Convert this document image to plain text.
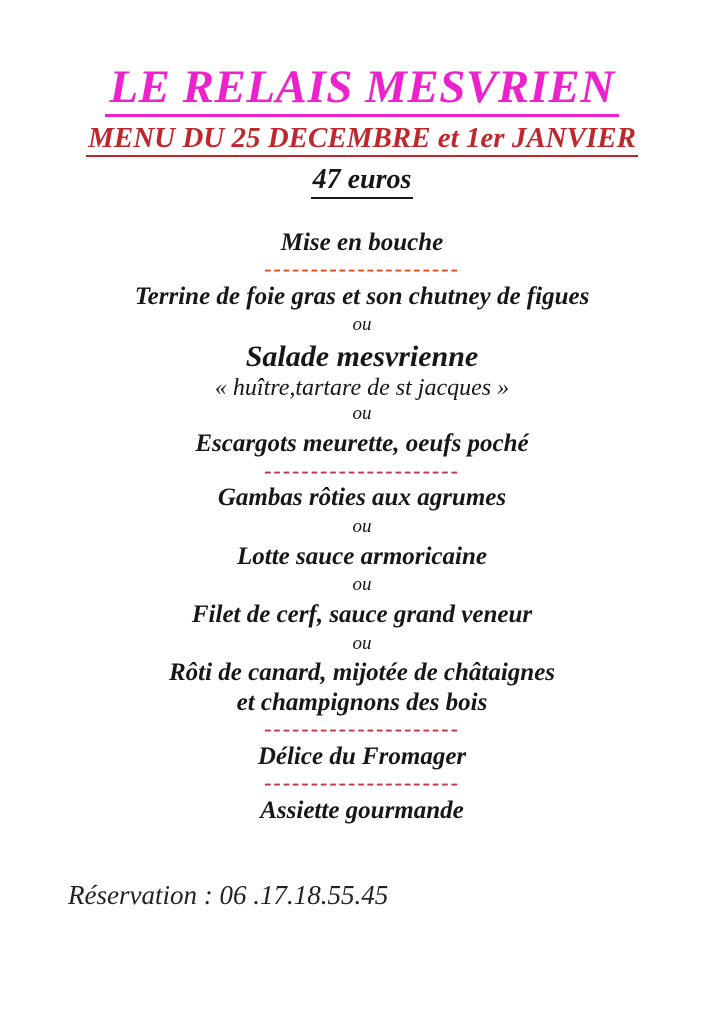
LE RELAIS MESVRIEN
MENU DU 25 DECEMBRE et 1er JANVIER
47 euros
Mise en bouche
---------------------
Terrine de foie gras et son chutney de figues
ou
Salade mesvrienne
« huître,tartare de st jacques »
ou
Escargots meurette, oeufs poché
---------------------
Gambas rôties aux agrumes
ou
Lotte sauce armoricaine
ou
Filet de cerf, sauce grand veneur
ou
Rôti de canard, mijotée de châtaignes
et champignons des bois
---------------------
Délice du Fromager
---------------------
Assiette gourmande
Réservation : 06 .17.18.55.45
